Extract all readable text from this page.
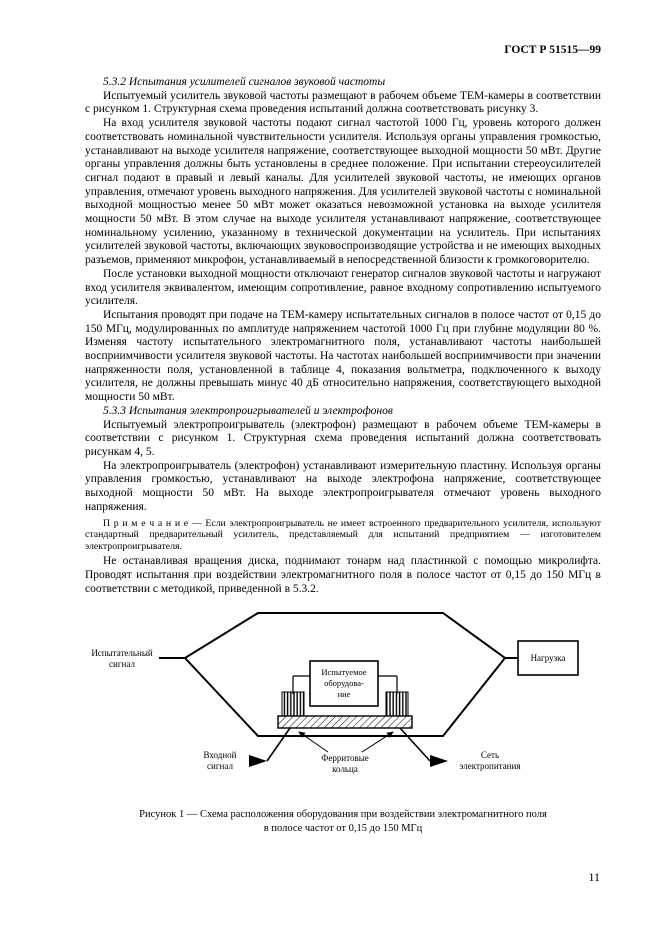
ГОСТ Р 51515—99

5.3.2 Испытания усилителей сигналов звуковой частоты

Испытуемый усилитель звуковой частоты размещают в рабочем объеме ТЕМ-камеры в соответствии с рисунком 1. Структурная схема проведения испытаний должна соответствовать рисунку 3.

На вход усилителя звуковой частоты подают сигнал частотой 1000 Гц, уровень которого должен соответствовать номинальной чувствительности усилителя. Используя органы управления громкостью, устанавливают на выходе усилителя напряжение, соответствующее выходной мощности 50 мВт. Другие органы управления должны быть установлены в среднее положение. При испытании стереоусилителей сигнал подают в правый и левый каналы. Для усилителей звуковой частоты, не имеющих органов управления, отмечают уровень выходного напряжения. Для усилителей звуковой частоты с номинальной выходной мощностью менее 50 мВт может оказаться невозможной установка на выходе усилителя мощности 50 мВт. В этом случае на выходе усилителя устанавливают напряжение, соответствующее номинальному усилению, указанному в технической документации на усилитель. При испытаниях усилителей звуковой частоты, включающих звуковоспроизводящие устройства и не имеющих выходных разъемов, применяют микрофон, устанавливаемый в непосредственной близости к громкоговорителю.

После установки выходной мощности отключают генератор сигналов звуковой частоты и нагружают вход усилителя эквивалентом, имеющим сопротивление, равное входному сопротивлению испытуемого усилителя.

Испытания проводят при подаче на ТЕМ-камеру испытательных сигналов в полосе частот от 0,15 до 150 МГц, модулированных по амплитуде напряжением частотой 1000 Гц при глубине модуляции 80 %. Изменяя частоту испытательного электромагнитного поля, устанавливают частоты наибольшей восприимчивости усилителя звуковой частоты. На частотах наибольшей восприимчивости при значении напряженности поля, установленной в таблице 4, показания вольтметра, подключенного к выходу усилителя, не должны превышать минус 40 дБ относительно напряжения, соответствующего выходной мощности 50 мВт.

5.3.3 Испытания электропроигрывателей и электрофонов

Испытуемый электропроигрыватель (электрофон) размещают в рабочем объеме ТЕМ-камеры в соответствии с рисунком 1. Структурная схема проведения испытаний должна соответствовать рисункам 4, 5.

На электропроигрыватель (электрофон) устанавливают измерительную пластину. Используя органы управления громкостью, устанавливают на выходе электрофона напряжение, соответствующее выходной мощности 50 мВт. На выходе электропроигрывателя отмечают уровень выходного напряжения.

П р и м е ч а н и е — Если электропроигрыватель не имеет встроенного предварительного усилителя, используют стандартный предварительный усилитель, представляемый для испытаний предприятием — изготовителем электропроигрывателя.

Не останавливая вращения диска, поднимают тонарм над пластинкой с помощью микролифта. Проводят испытания при воздействии электромагнитного поля в полосе частот от 0,15 до 150 МГц в соответствии с методикой, приведенной в 5.3.2.

Нагрузка
Испытательный
сигнал
Испытуемое
оборудова-
ние
Входной
сигнал
Сеть
электропитания
Ферритовые
кольца
Рисунок 1 — Схема расположения оборудования при воздействии электромагнитного поля
в полосе частот от 0,15 до 150 МГц
11
